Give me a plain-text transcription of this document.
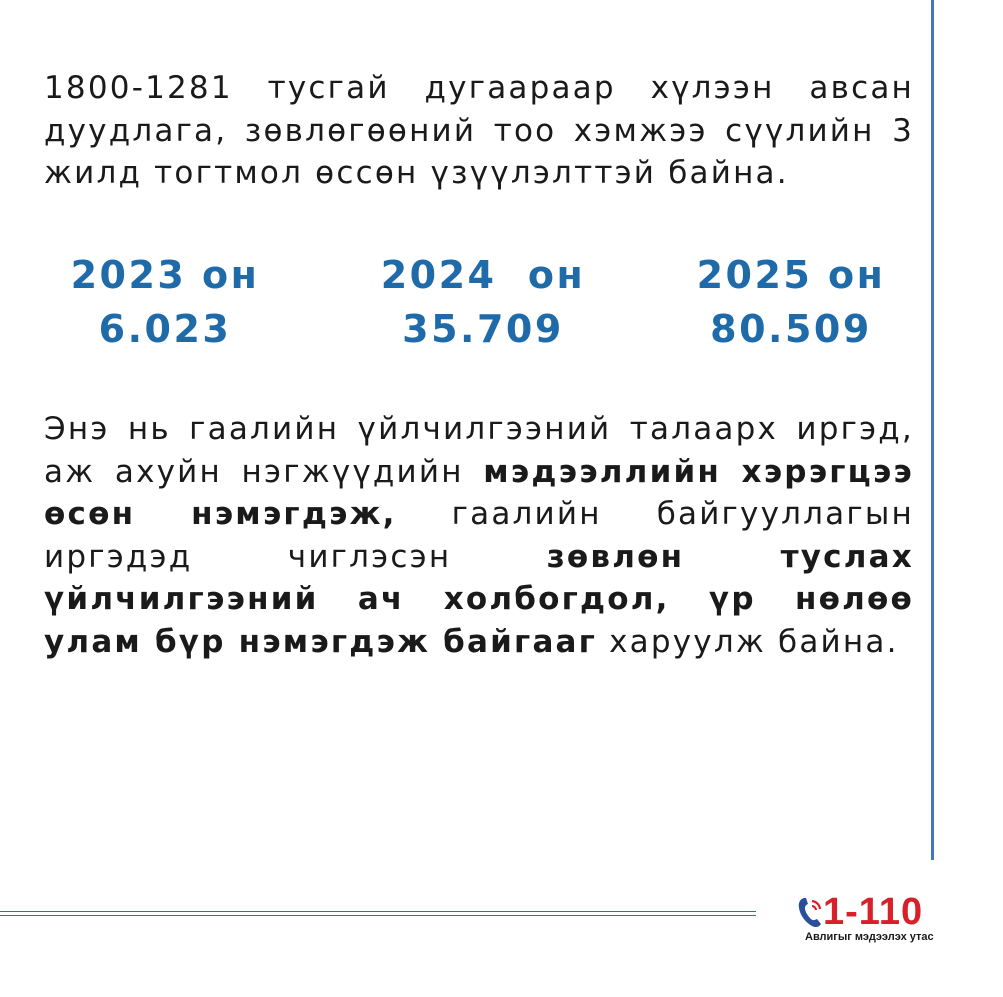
1800-1281 тусгай дугаараар хүлээн авсан дуудлага, зөвлөгөөний тоо хэмжээ сүүлийн 3 жилд тогтмол өссөн үзүүлэлттэй байна.

2023 он
6.023
2024  он
35.709
2025 он
80.509

Энэ нь гаалийн үйлчилгээний талаарх иргэд, аж ахуйн нэгжүүдийн мэдээллийн хэрэгцээ өсөн нэмэгдэж, гаалийн байгууллагын иргэдэд чиглэсэн зөвлөн туслах үйлчилгээний ач холбогдол, үр нөлөө улам бүр нэмэгдэж байгааг харуулж байна.

1-110
Авлигыг мэдээлэх утас
